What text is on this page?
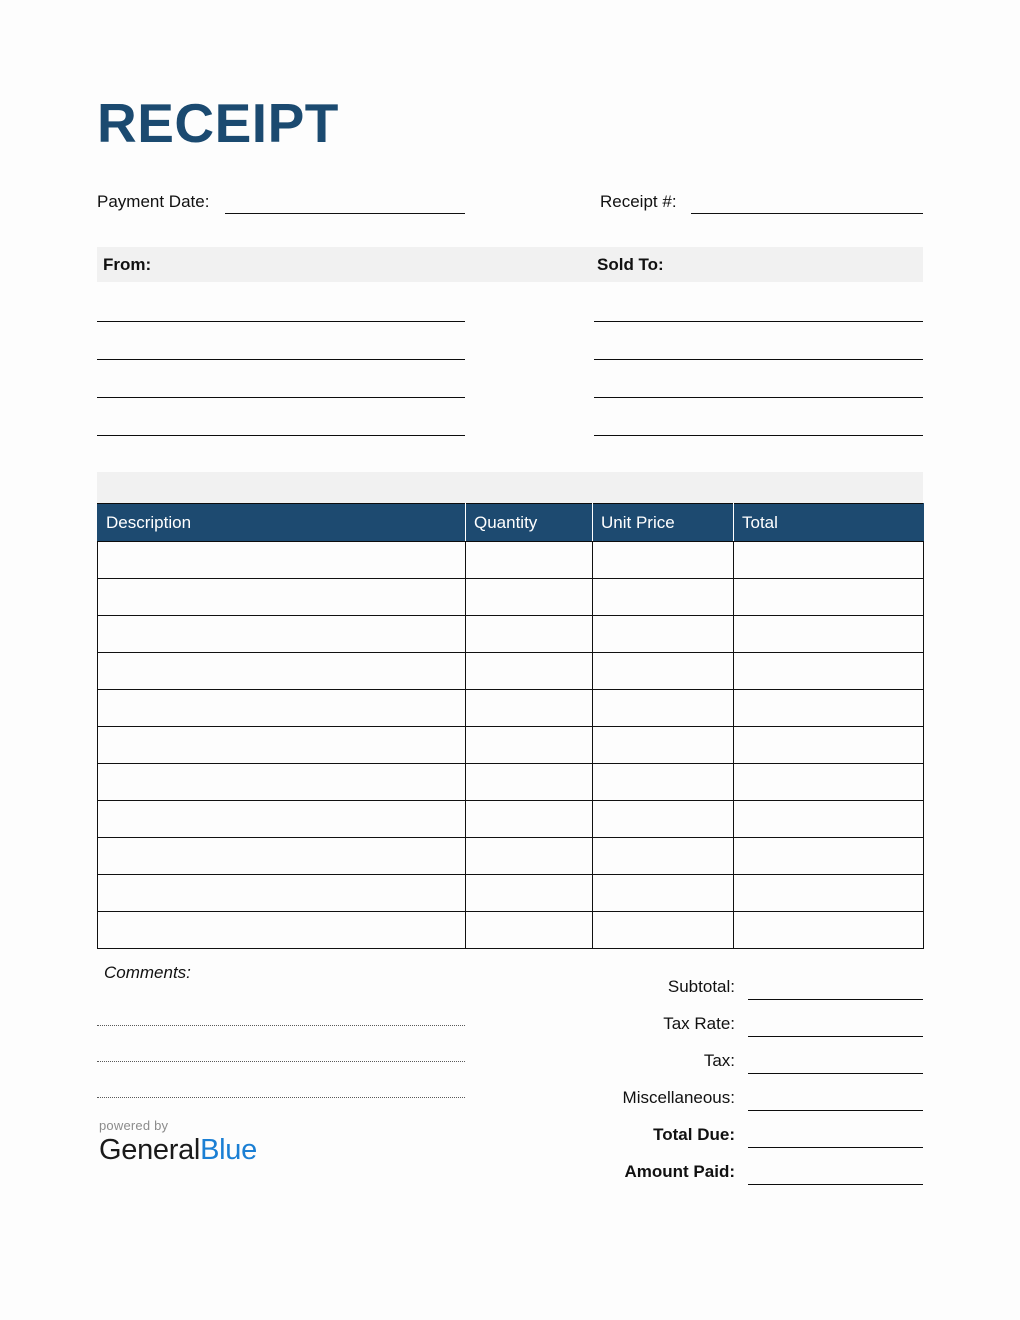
RECEIPT
Payment Date:	Receipt #:
From:	Sold To:
Description	Quantity	Unit Price	Total

Comments:
Subtotal:
Tax Rate:
Tax:
Miscellaneous:
Total Due:
Amount Paid:
powered by
GeneralBlue
